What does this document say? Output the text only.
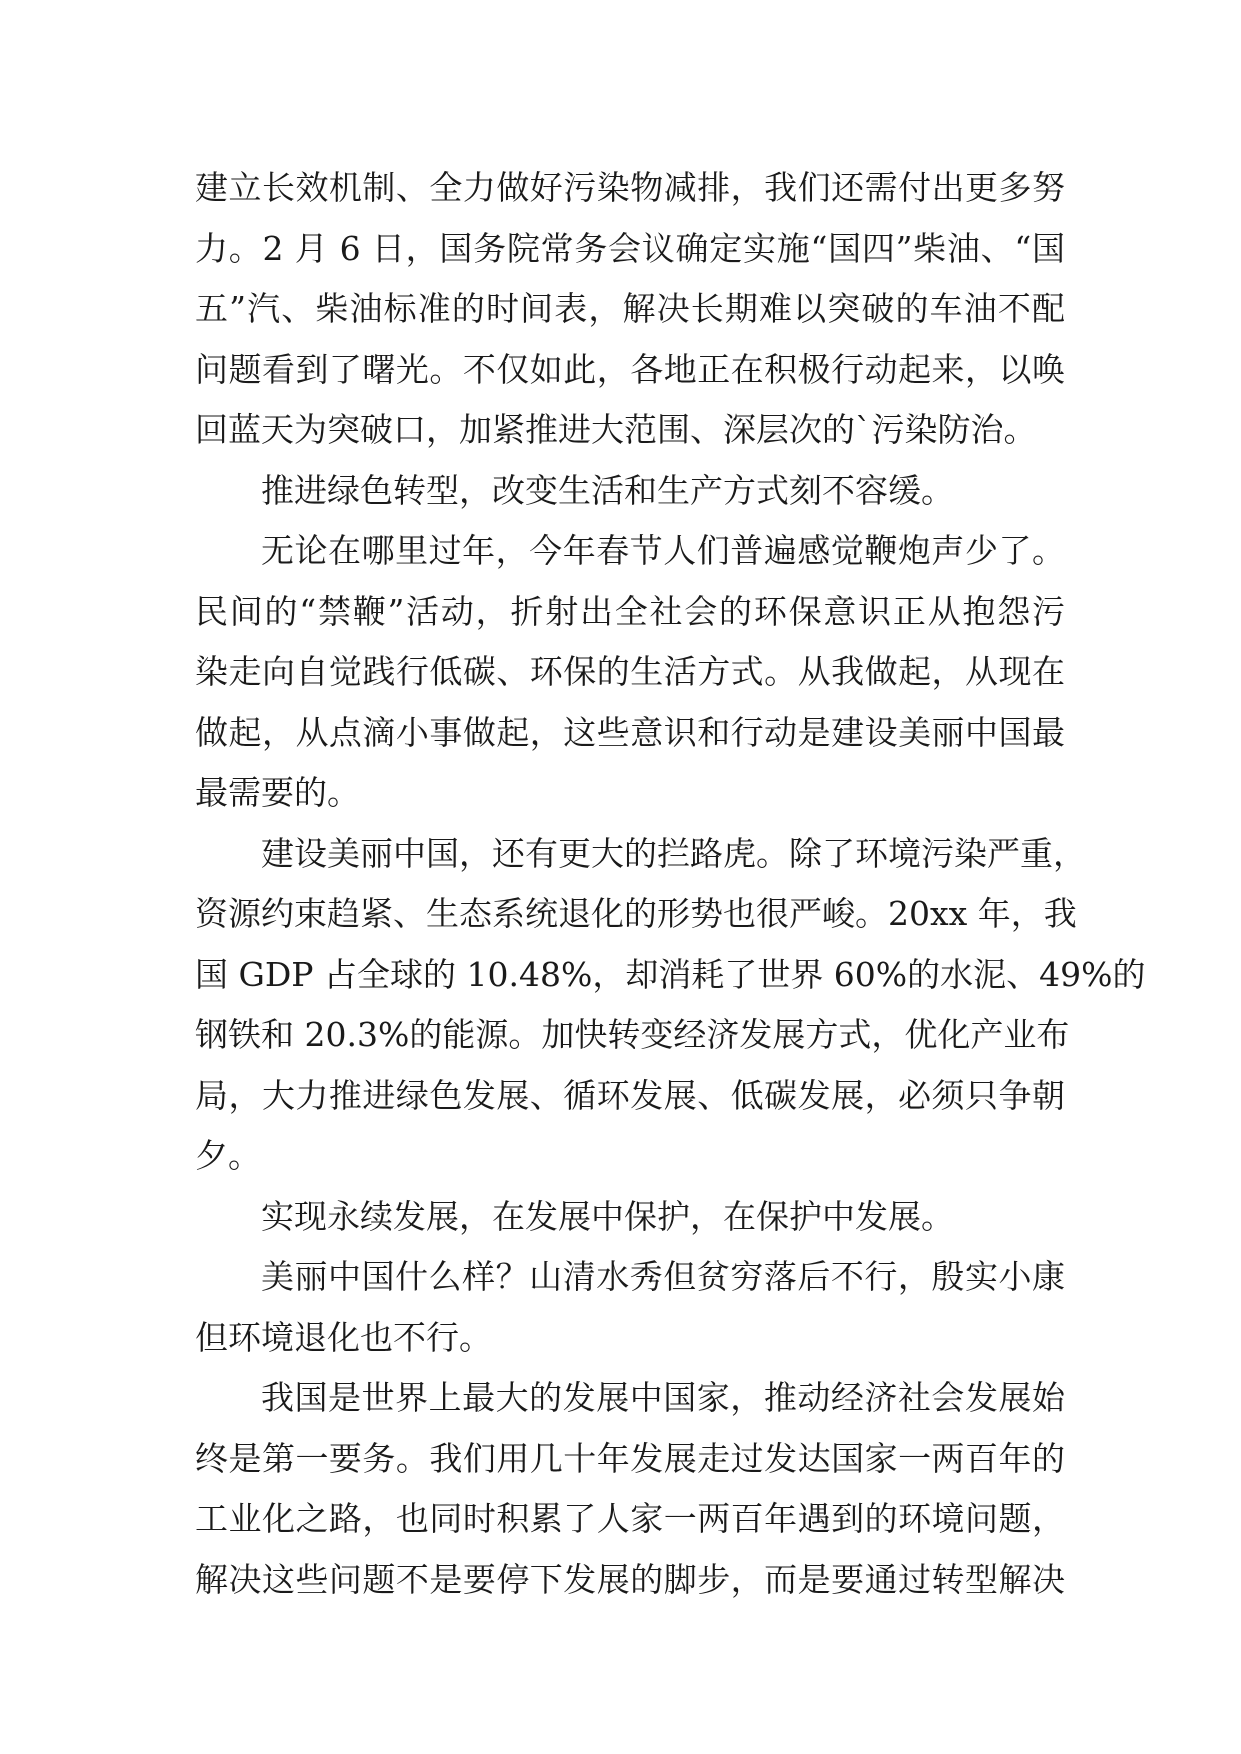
建立长效机制、全力做好污染物减排，我们还需付出更多努
力。2 月 6 日，国务院常务会议确定实施“国四”柴油、“国
五”汽、柴油标准的时间表，解决长期难以突破的车油不配
问题看到了曙光。不仅如此，各地正在积极行动起来，以唤
回蓝天为突破口，加紧推进大范围、深层次的`污染防治。
推进绿色转型，改变生活和生产方式刻不容缓。
无论在哪里过年，今年春节人们普遍感觉鞭炮声少了。
民间的“禁鞭”活动，折射出全社会的环保意识正从抱怨污
染走向自觉践行低碳、环保的生活方式。从我做起，从现在
做起，从点滴小事做起，这些意识和行动是建设美丽中国最
最需要的。
建设美丽中国，还有更大的拦路虎。除了环境污染严重，
资源约束趋紧、生态系统退化的形势也很严峻。20xx 年，我
国 GDP 占全球的 10.48%，却消耗了世界 60%的水泥、49%的
钢铁和 20.3%的能源。加快转变经济发展方式，优化产业布
局，大力推进绿色发展、循环发展、低碳发展，必须只争朝
夕。
实现永续发展，在发展中保护，在保护中发展。
美丽中国什么样？山清水秀但贫穷落后不行，殷实小康
但环境退化也不行。
我国是世界上最大的发展中国家，推动经济社会发展始
终是第一要务。我们用几十年发展走过发达国家一两百年的
工业化之路，也同时积累了人家一两百年遇到的环境问题，
解决这些问题不是要停下发展的脚步，而是要通过转型解决
